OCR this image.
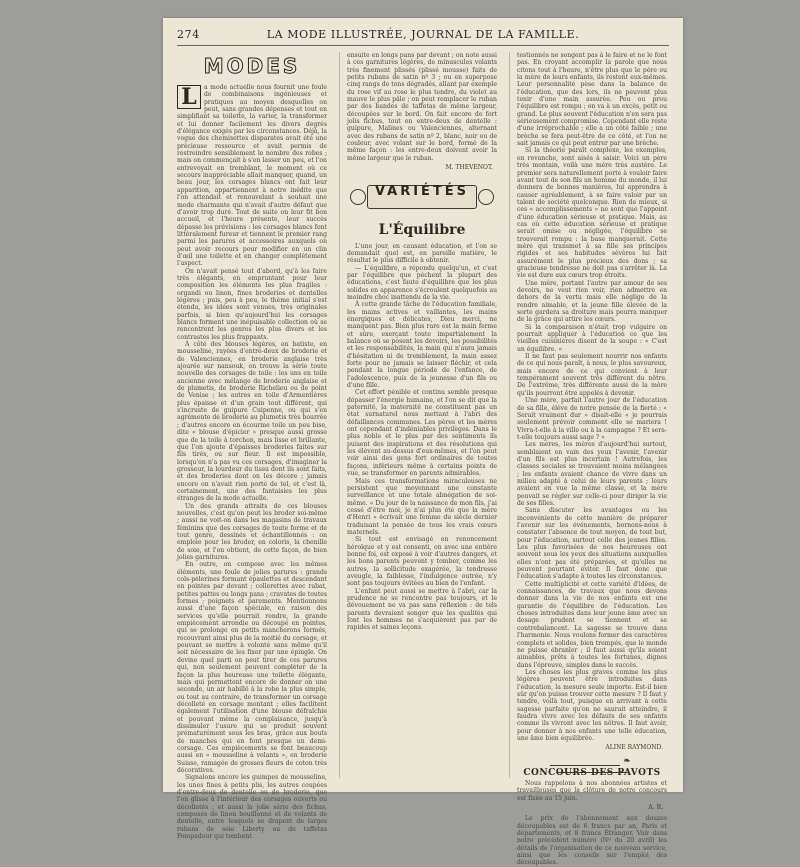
274	LA MODE ILLUSTRÉE, JOURNAL DE LA FAMILLE.
MODES
L	a mode actuelle nous fournit une foule de combinaisons ingénieuses et pratiques au moyen desquelles on peut, sans grandes dépenses et tout en simplifiant sa toilette, la varier, la transformer et lui donner facilement les divers degrés d'élégance exigés par les circonstances. Déjà, la vogue des chemisettes disparates avait été une précieuse ressource et avait permis de restreindre sensiblement le nombre des robes ; mais on commençait à s'en lasser un peu, et l'on entrevoyait en tremblant, le moment où ce secours inappréciable allait manquer, quand, un beau jour, les corsages blancs ont fait leur apparition, appartiennent à notre inédite que l'on attendait et renouvelant à souhait une mode charmante qui n'avait d'autre défaut que d'avoir trop duré. Tout de suite on leur fit bon accueil, et l'heure présente, leur succès dépasse les prévisions : les corsages blancs font littéralement fureur et tiennent le premier rang parmi les parures et accessoires auxquels on peut avoir recours pour modifier en un clin d'œil une toilette et en changer complètement l'aspect.

On n'avait pensé tout d'abord, qu'à les faire très élégants, en empruntant pour leur composition les éléments les plus fragiles : organdi ou linon, fines broderies et dentelles légères ; puis, peu à peu, le thème initial s'est étendu, les idées sont venues, très originales parfois, si bien qu'aujourd'hui les corsages blancs forment une inépuisable collection où se rencontrent les genres les plus divers et les contrastes les plus frappants.

À côté des blouses légères, en batiste, en mousseline, rayées d'entre-deux de broderie et de Valenciennes, en broderie anglaise très ajourée sur nansouk, on trouve la série toute nouvelle des corsages de toile : les uns en toile ancienne avec mélange de broderie anglaise et de plumetis, de broderie Richelieu ou de point de Venise ; les autres en toile d'Armentières plus épaisse et d'un grain tout différent, qui s'incruste de guipure Cuipenne, ou qui s'en agrémente de broderie au plumetis très bourrée ; d'autres encore en écourme toile un peu bise, dite « blouse d'épicier » presque aussi grosse que de la toile à torchon, mais lisse et brillante, que l'on ajoute d'épaisses broderies faites sur fils tirés, ou sur fleur. Il est impossible, lorsqu'on n'a pas vu ces corsages, d'imaginer la grosseur, la lourdeur du tissu dont ils sont faits, et des broderies dont on les décore ; jamais encore on n'avait rien porté de tel, et c'est là, certainement, une des fantaisies les plus étranges de la mode actuelle.

Un des grands attraits de ces blouses nouvelles, c'est qu'on peut les broder soi-même ; aussi ne voit-on dans les magasins de travaux féminins que des corsages de toute forme et de tout genre, dessinés et échantillonnés : on emploie pour les broder, en coloris, la chenille de soie, et l'on obtient, de cette façon, de bien jolies garnitures.

En outre, on compose avec les mêmes éléments, une foule de jolies parures : grands cols-pèlerines formant épaulettes et descendant en pointes par devant ; collerettes avec rabat, petites pattes ou longs pans ; cravates de toutes formes ; poignets et parements. Mentionnons aussi d'une façon spéciale, en raison des services qu'elle pourrait rendre, la grande empiècement arrondie ou découpé en pointes, qui se prolonge en petits mancherons fermés, recouvrant ainsi plus de la moitié du corsage, et pouvant se mettre à volonté sans même qu'il soit nécessaire de les fixer par une épingle. On devine quel parti on peut tirer de ces parures qui, non seulement peuvent compléter de la façon la plus heureuse une toilette élégante, mais qui permettent encore de donner on une seconde, un air habillé à la robe la plus simple, ou tout au contraire, de transformer un corsage décolleté en corsage montant ; elles facilitent également l'utilisation d'une blouse défraîchie et pouvant même la complaisance, jusqu'à dissimuler l'usure qui se produit souvent prématurément sous les bras, grâce aux bouts de manches qui en font presque un demi-corsage. Ces empiècements se font beaucoup aussi en « mousseline à volants », en broderie Suisse, ramagée de grosses fleurs de coton très décoratives.

Signalons encore les guimpes de mousseline, les unes fines à petits plis, les autres coupées d'entre-deux de dentelle ou de broderie, que l'on glisse à l'intérieur des corsages ouverts ou décolletés ; et aussi la jolie série des fichus, composés de linon bouillonné et de volants de dentelle, entre lesquels se drapent de larges rubans de soie Liberty ou de taffetas Pompadour qui tombent

ensuite en longs pans par devant ; on note aussi à ces garnitures légères, de minuscules volants très finement plissés (plissé mousse) faits de petits rubans de satin nº 3 ; ou en superpose cinq rangs de tons dégradés, allant par exemple du rose vif au rose le plus tendre, du violet au mauve le plus pâle ; on peut remplacer le ruban par des bandes de taffetas de même largeur, découpées sur le bord. On fait encore de fort jolis fichus, tout en entre-deux de dentelle : guipure, Malines ou Valenciennes, alternant avec des rubans de satin nº 2, blanc, noir ou de couleur, avec volant sur le bord, formé de la même façon : les entre-deux doivent avoir la même largeur que le ruban.

M. THEVENOT.
VARIÉTÉS
L'Équilibre

L'une jour, en causant éducation, et l'on se demandait quel est, en pareille matière, le résultat le plus difficile à obtenir.

— L'équilibre, a répondu quelqu'un, et c'est par l'équilibre que pèchent la plupart des éducations, c'est faute d'équilibre que les plus solides en apparence s'écroulent quelquefois au moindre choc inattendu de la vie.

À cette grande tâche de l'éducation familiale, les mains actives et vaillantes, les mains énergiques et délicates, Dieu merci, ne manquent pas. Bien plus rare est la main ferme et sûre, exerçant toute impartialement la balance où se posent les devoirs, les possibilités et les responsabilités, la main qui n'aura jamais d'hésitation ni de tremblement, la main assez forte pour ne jamais se laisser fléchir, et cela pendant la longue période de l'enfance, de l'adolescence, puis de la jeunesse d'un fils ou d'une fille.

Cet effort pénible et continu semble presque dépasser l'énergie humaine, et l'on se dit que la paternité, la maternité ne constituent pas un état surnaturel nous mettant à l'abri des défaillances communes. Les pères et les mères ont cependant d'indéniables privilèges. Dans le plus noble et le plus pur des sentiments ils puisent des inspirations et des résolutions qui les élèvent au-dessus d'eux-mêmes, et l'on peut voir ainsi des gens fort ordinaires de toutes façons, inférieurs même à certains points de vue, se transformer en parents admirables.

Mais ces transformations miraculeuses ne persistent que moyennant une constante surveillance et une totale abnégation de soi-même. « Du jour de la naissance de mon fils, j'ai cessé d'être moi, je n'ai plus été que la mère d'Henri » écrivait une femme du siècle dernier traduisant la pensée de tous les vrais cœurs maternels.

Si tout est envisagé en renoncement héroïque et y est consenti, on avec une entière bonne foi, est exposé à voir d'autres dangers, et les bons parents peuvent y tomber, comme les autres, la sollicitude exagérée, la tendresse aveugle, la faiblesse, l'indulgence outrée, n'y sont pas toujours évitées au bien de l'enfant.

L'enfant peut aussi se mettre à l'abri, car la prudence ne se rencontre pas toujours, et le dévouement ne va pas sans réflexion : de tels parents devraient songer que les qualités qui font les hommes ne s'acquièrent pas par de rapides et saines leçons.

testionnés ne songent pas à le faire et ne le font pas. En croyant accomplir la parole que nous citons tout à l'heure, n'être plus que le père ou la mère de leurs enfants, ils restent eux-mêmes. Leur personnalité pèse dans la balance de l'éducation, que des lors, ils ne peuvent plus tenir d'une main assurée. Peu ou prou l'équilibre est rompu ; on va à un excès, petit ou grand. Le plus souvent l'éducation n'en sera pas sérieusement compromise. Cependant elle reste d'une irréprochable ; elle a un côté faible ; une brèche se fera peut-être de ce côté, et l'on ne sait jamais ce qui peut entrer par une brèche.

Si la théorie paraît complexe, les exemples, en revanche, sont aisés à saisir. Voici un père très montain, voilà une mère très austère. Le premier sera naturellement porté à vouloir faire avant tout de son fils un homme du monde, il lui donnera de bonnes manières, lui apprendra à causer agréablement, à se faire valoir par un talent de société quelconque. Rien de mieux, si ces « accomplissements » ne sont que l'appoint d'une éducation sérieuse et pratique. Mais, au cas où cette éducation sérieuse et pratique serait omise ou négligée, l'équilibre se trouverait rompu : la base manquerait. Cette mère qui transmet à sa fille ses principes rigides et ses habitudes sévères lui fait assurément le plus précieux des dons ; sa gracieuse tendresse ne doit pas s'arrêter là. La vie est dure aux cœurs trop étroits.

Une mère, portant l'autre par amour de ses devoirs, ne veut rien voir, rien admettre en dehors de la vertu mais elle néglige de la rendre aimable, et la jeune fille élevée de la sorte gardera sa droiture mais pourra manquer de la grâce qui attire les cœurs.

Si la comparaison n'était trop vulgaire on pourrait appliquer à l'éducation ce que les vieilles cuisinières disent de la soupe : « C'est un équilibre. »

Il ne faut pas seulement nourrir nos enfants de ce qui nous paraît, à nous, le plus savoureux, mais encore de ce qui convient à leur tempérament souvent très différent du nôtre. De l'extrême, très différente aussi de la mère qu'ils pourront être appelés à devenir.

Une mère, parfait l'autre jour de l'éducation de sa fille, élève de notre pensée de la fierté : « Serait vraiment dur » disait-elle « je pourrais seulement prévoir comment elle se mariera ! Vivra-t-elle à la ville ou à la campagne ? Et sera-t-elle toujours aussi sage ? »

Les mères, les mères d'aujourd'hui surtout, semblaient en vain des yeux l'avenir, l'avenir d'un fils est plus incertain ! Autrefois, les classes sociales se trouvaient moins mélangées ; les enfants avaient chance de vivre dans un milieu adapté à celui de leurs parents ; leurs avaient en vue la même classe, et la mère pouvait se régler sur celle-ci pour diriger la vie de ses filles.

Sans discuter les avantages ou les inconvénients de cette manière de préparer l'avenir sur les événements, bornons-nous à constater l'absence de tout moyen, de tout but, pour l'éducation, surtout celle des jeunes filles. Les plus favorisées de nos heureuses ont souvent sous les yeux des situations auxquelles elles n'ont pas été préparées, et qu'elles ne peuvent pourtant éviter. Il faut donc que l'éducation s'adapte à toutes les circonstances.

Cette multiplicité et cette variété d'idées, de connaissances, de travaux que nous devons donner dans la vie de nos enfants est une garantie de l'équilibre de l'éducation. Les choses introduites dans leur jeune âme avec un dosage prudent se tiennent et se contrebalancent. La sagesse se trouve dans l'harmonie. Nous voulons former des caractères complets et solides, bien trempés, que le monde ne puisse ébranler ; il faut aussi qu'ils soient aimables, prêts à toutes les fortunes, dignes dans l'épreuve, simples dans le succès.

Les choses les plus graves comme les plus légères peuvent être introduites dans l'éducation, la mesure seule importe. Est-il bien sûr qu'on puisse trouver cette mesure ? Il faut y tendre, voilà tout, puisque en arrivant à cette sagesse parfaite qu'on ne saurait atteindre, il faudra vivre avec les défauts de ses enfants comme ils vivront avec les nôtres. Il faut avoir, pour donner à nos enfants une telle éducation, une âme bien équilibrée.

ALINE RAYMOND.
❧
CONCOURS DES PAVOTS

Nous rappelons à nos abonnées artistes et travailleuses que la clôture de notre concours est fixée au 15 juin.

A. R.

Le prix de l'abonnement aux douzes découpables est de 6 francs par an, Paris et départements, et 8 francs Étranger. Voir dans notre précédent numéro (Nº du 20 avril) les détails de l'organisation de ce nouveau service, ainsi que les conseils sur l'emploi des découpables.
